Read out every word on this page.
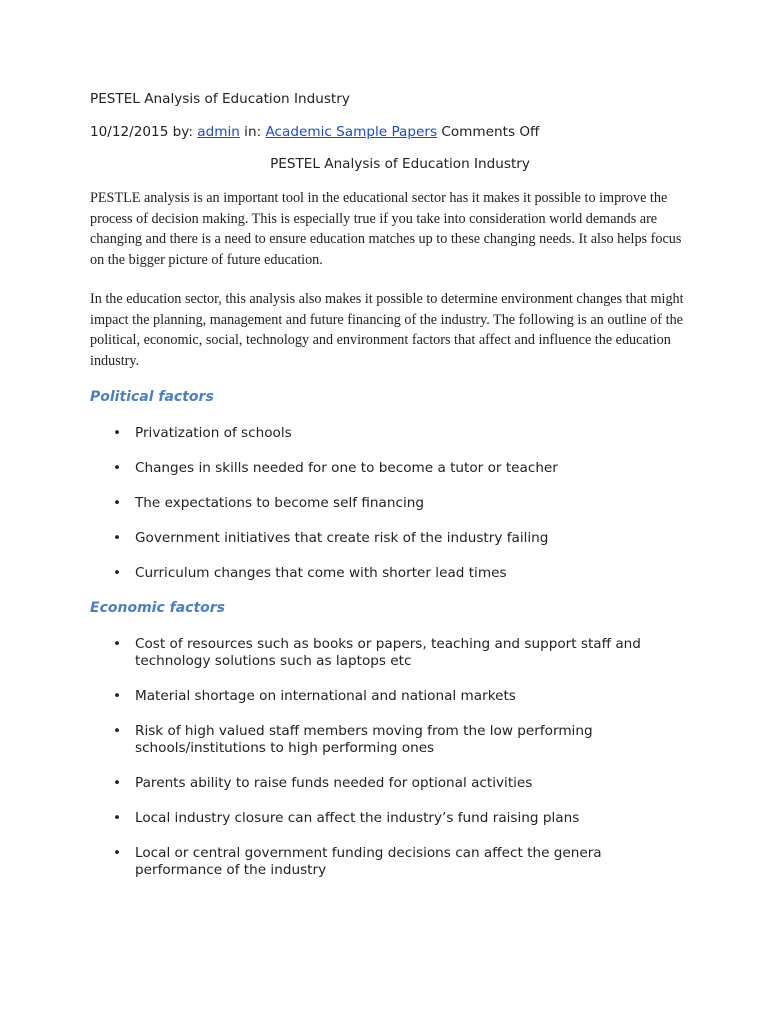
PESTEL Analysis of Education Industry
10/12/2015 by: admin in: Academic Sample Papers Comments Off
PESTEL Analysis of Education Industry

PESTLE analysis is an important tool in the educational sector has it makes it possible to improve the process of decision making. This is especially true if you take into consideration world demands are changing and there is a need to ensure education matches up to these changing needs. It also helps focus on the bigger picture of future education.

In the education sector, this analysis also makes it possible to determine environment changes that might impact the planning, management and future financing of the industry. The following is an outline of the political, economic, social, technology and environment factors that affect and influence the education industry.

Political factors
• Privatization of schools
• Changes in skills needed for one to become a tutor or teacher
• The expectations to become self financing
• Government initiatives that create risk of the industry failing
• Curriculum changes that come with shorter lead times
Economic factors
• Cost of resources such as books or papers, teaching and support staff and technology solutions such as laptops etc
• Material shortage on international and national markets
• Risk of high valued staff members moving from the low performing schools/institutions to high performing ones
• Parents ability to raise funds needed for optional activities
• Local industry closure can affect the industry’s fund raising plans
• Local or central government funding decisions can affect the genera performance of the industry
